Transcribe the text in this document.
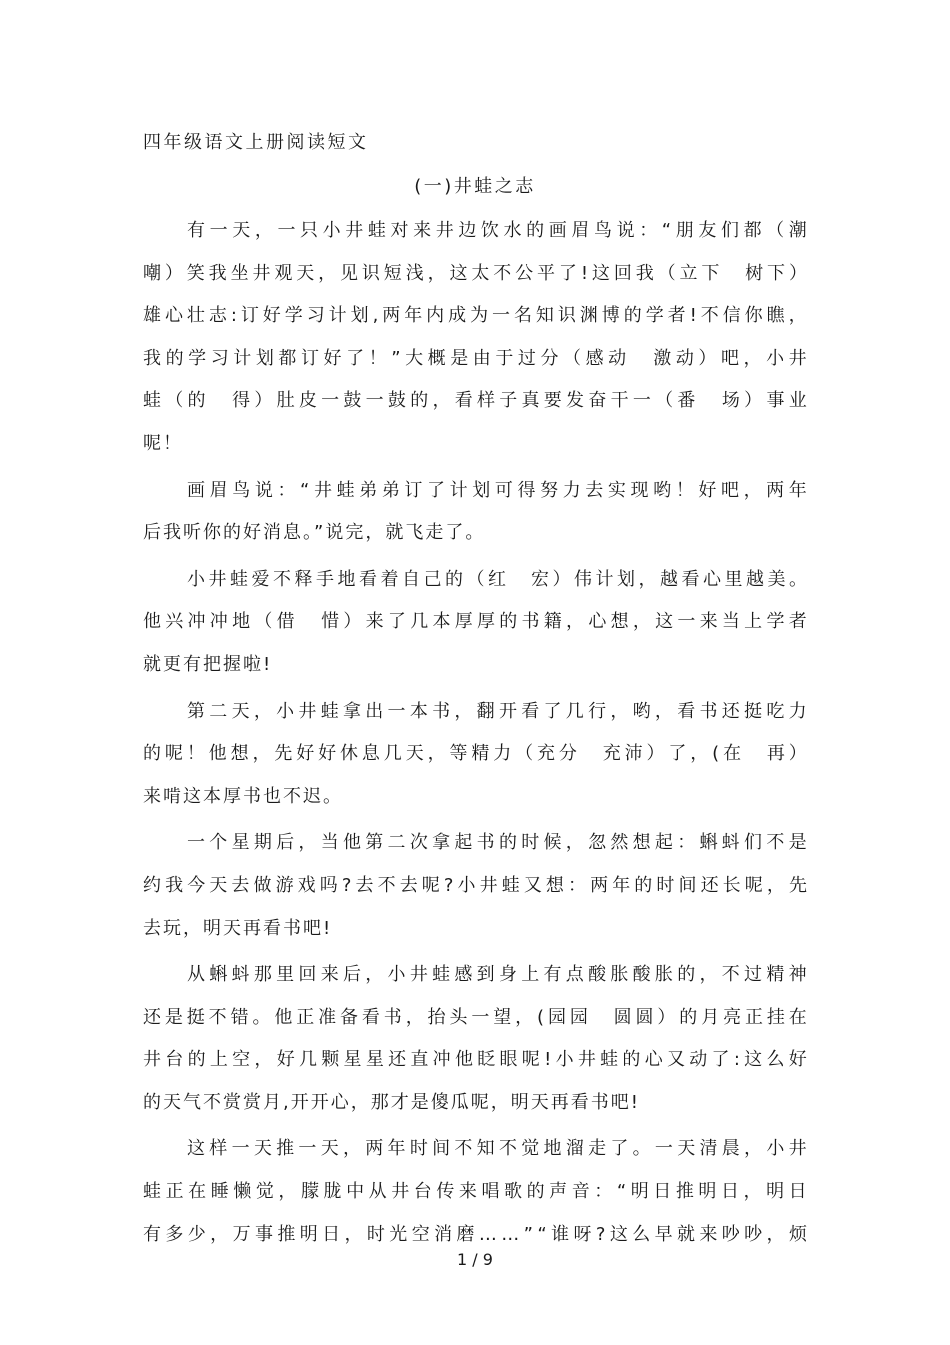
四年级语文上册阅读短文
(一)井蛙之志
有 一 天 ， 一 只 小 井 蛙 对 来 井 边 饮 水 的 画 眉 鸟 说 ： “ 朋 友 们 都 （ 潮
嘲 ） 笑 我 坐 井 观 天 ， 见 识 短 浅 ， 这 太 不 公 平 了 ! 这 回 我 （ 立 下
　 树 下 ）
雄 心 壮 志 : 订 好 学 习 计 划 , 两 年 内 成 为 一 名 知 识 渊 博 的 学 者 ! 不 信 你 瞧 ，
我 的 学 习 计 划 都 订 好 了 ！ ” 大 概 是 由 于 过 分 （ 感 动
　 激 动 ） 吧 ， 小 井
蛙 （ 的
　 得 ） 肚 皮 一 鼓 一 鼓 的 ， 看 样 子 真 要 发 奋 干 一 （ 番
　 场 ） 事 业
呢！
画 眉 鸟 说 ： “ 井 蛙 弟 弟 订 了 计 划 可 得 努 力 去 实 现 哟 ！ 好 吧 ， 两 年
后我听你的好消息。”说完，就飞走了。
小 井 蛙 爱 不 释 手 地 看 着 自 己 的 （ 红
　 宏 ） 伟 计 划 ， 越 看 心 里 越 美 。
他 兴 冲 冲 地 （ 借
　 惜 ） 来 了 几 本 厚 厚 的 书 籍 ， 心 想 ， 这 一 来 当 上 学 者
就更有把握啦!
第 二 天 ， 小 井 蛙 拿 出 一 本 书 ， 翻 开 看 了 几 行 ， 哟 ， 看 书 还 挺 吃 力
的 呢 ！ 他 想 ， 先 好 好 休 息 几 天 ， 等 精 力 （ 充 分
　 充 沛 ） 了 ， ( 在
　 再 ）
来啃这本厚书也不迟。
一 个 星 期 后 ， 当 他 第 二 次 拿 起 书 的 时 候 ， 忽 然 想 起 ： 蝌 蚪 们 不 是
约 我 今 天 去 做 游 戏 吗 ? 去 不 去 呢 ? 小 井 蛙 又 想 ： 两 年 的 时 间 还 长 呢 ， 先
去玩，明天再看书吧!
从 蝌 蚪 那 里 回 来 后 ， 小 井 蛙 感 到 身 上 有 点 酸 胀 酸 胀 的 ， 不 过 精 神
还 是 挺 不 错 。 他 正 准 备 看 书 ， 抬 头 一 望 ， ( 园 园
　 圆 圆 ） 的 月 亮 正 挂 在
井 台 的 上 空 ， 好 几 颗 星 星 还 直 冲 他 眨 眼 呢 ! 小 井 蛙 的 心 又 动 了 : 这 么 好
的天气不赏赏月,开开心，那才是傻瓜呢，明天再看书吧!
这 样 一 天 推 一 天 ， 两 年 时 间 不 知 不 觉 地 溜 走 了 。 一 天 清 晨 ， 小 井
蛙 正 在 睡 懒 觉 ， 朦 胧 中 从 井 台 传 来 唱 歌 的 声 音 ： “ 明 日 推 明 日 ， 明 日
有 多 少 ， 万 事 推 明 日 ， 时 光 空 消 磨 … … ” “ 谁 呀 ? 这 么 早 就 来 吵 吵 ， 烦
1 / 9
